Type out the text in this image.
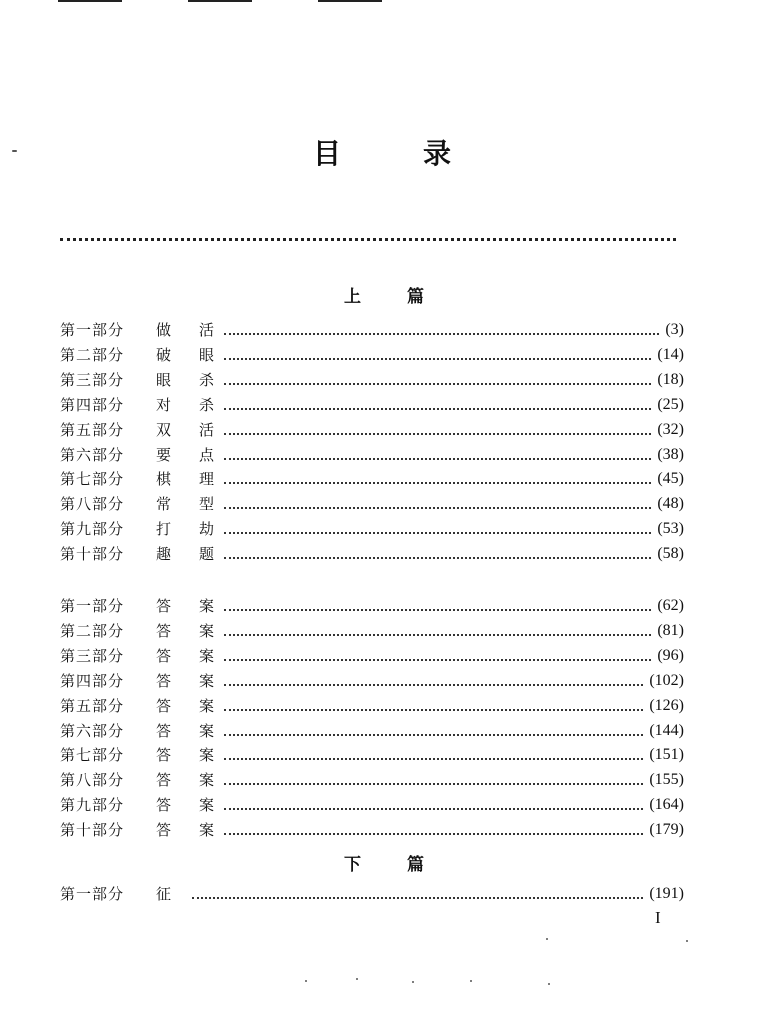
目	录
上	篇
第一部分	做 活	(3)
第二部分	破 眼	(14)
第三部分	眼 杀	(18)
第四部分	对 杀	(25)
第五部分	双 活	(32)
第六部分	要 点	(38)
第七部分	棋 理	(45)
第八部分	常 型	(48)
第九部分	打 劫	(53)
第十部分	趣 题	(58)
第一部分	答 案	(62)
第二部分	答 案	(81)
第三部分	答 案	(96)
第四部分	答 案	(102)
第五部分	答 案	(126)
第六部分	答 案	(144)
第七部分	答 案	(151)
第八部分	答 案	(155)
第九部分	答 案	(164)
第十部分	答 案	(179)
下	篇
第一部分	征	(191)
I
